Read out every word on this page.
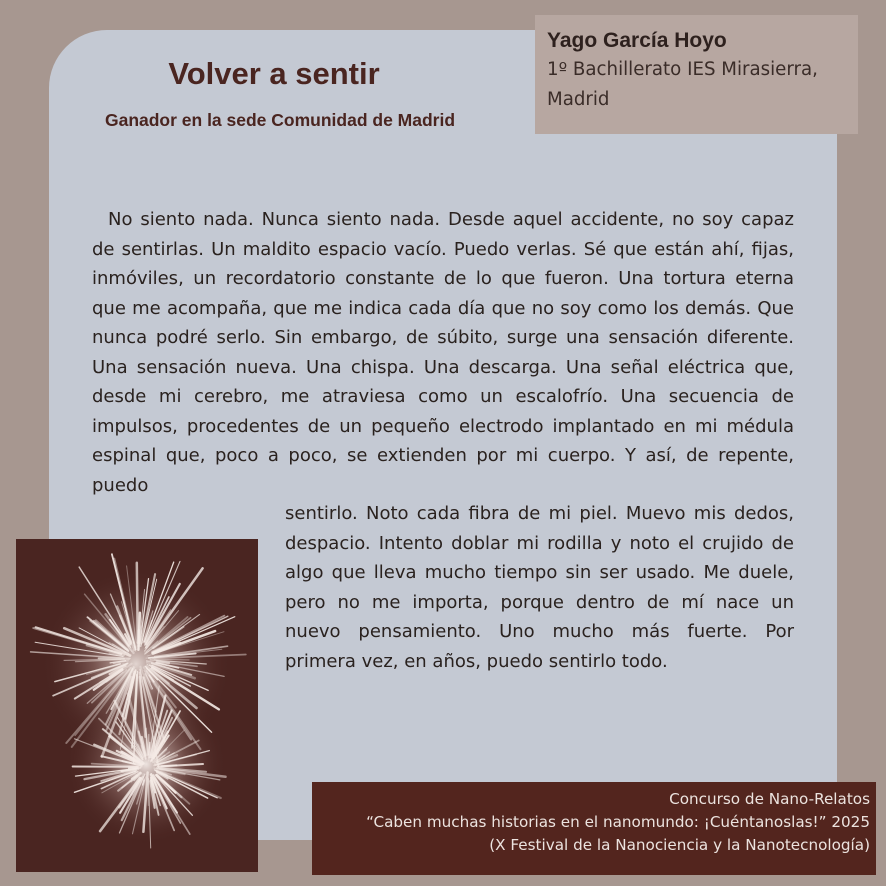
Volver a sentir
Ganador en la sede Comunidad de Madrid
Yago García Hoyo
1º Bachillerato IES Mirasierra,
Madrid

No siento nada. Nunca siento nada. Desde aquel accidente, no soy capaz de sentirlas. Un maldito espacio vacío. Puedo verlas. Sé que están ahí, fijas, inmóviles, un recordatorio constante de lo que fueron. Una tortura eterna que me acompaña, que me indica cada día que no soy como los demás. Que nunca podré serlo. Sin embargo, de súbito, surge una sensación diferente. Una sensación nueva. Una chispa. Una descarga. Una señal eléctrica que, desde mi cerebro, me atraviesa como un escalofrío. Una secuencia de impulsos, procedentes de un pequeño electrodo implantado en mi médula espinal que, poco a poco, se extienden por mi cuerpo. Y así, de repente, puedo

sentirlo. Noto cada fibra de mi piel. Muevo mis dedos, despacio. Intento doblar mi rodilla y noto el crujido de algo que lleva mucho tiempo sin ser usado. Me duele, pero no me importa, porque dentro de mí nace un nuevo pensamiento. Uno mucho más fuerte. Por primera vez, en años, puedo sentirlo todo.

Concurso de Nano-Relatos
“Caben muchas historias en el nanomundo: ¡Cuéntanoslas!” 2025
(X Festival de la Nanociencia y la Nanotecnología)
